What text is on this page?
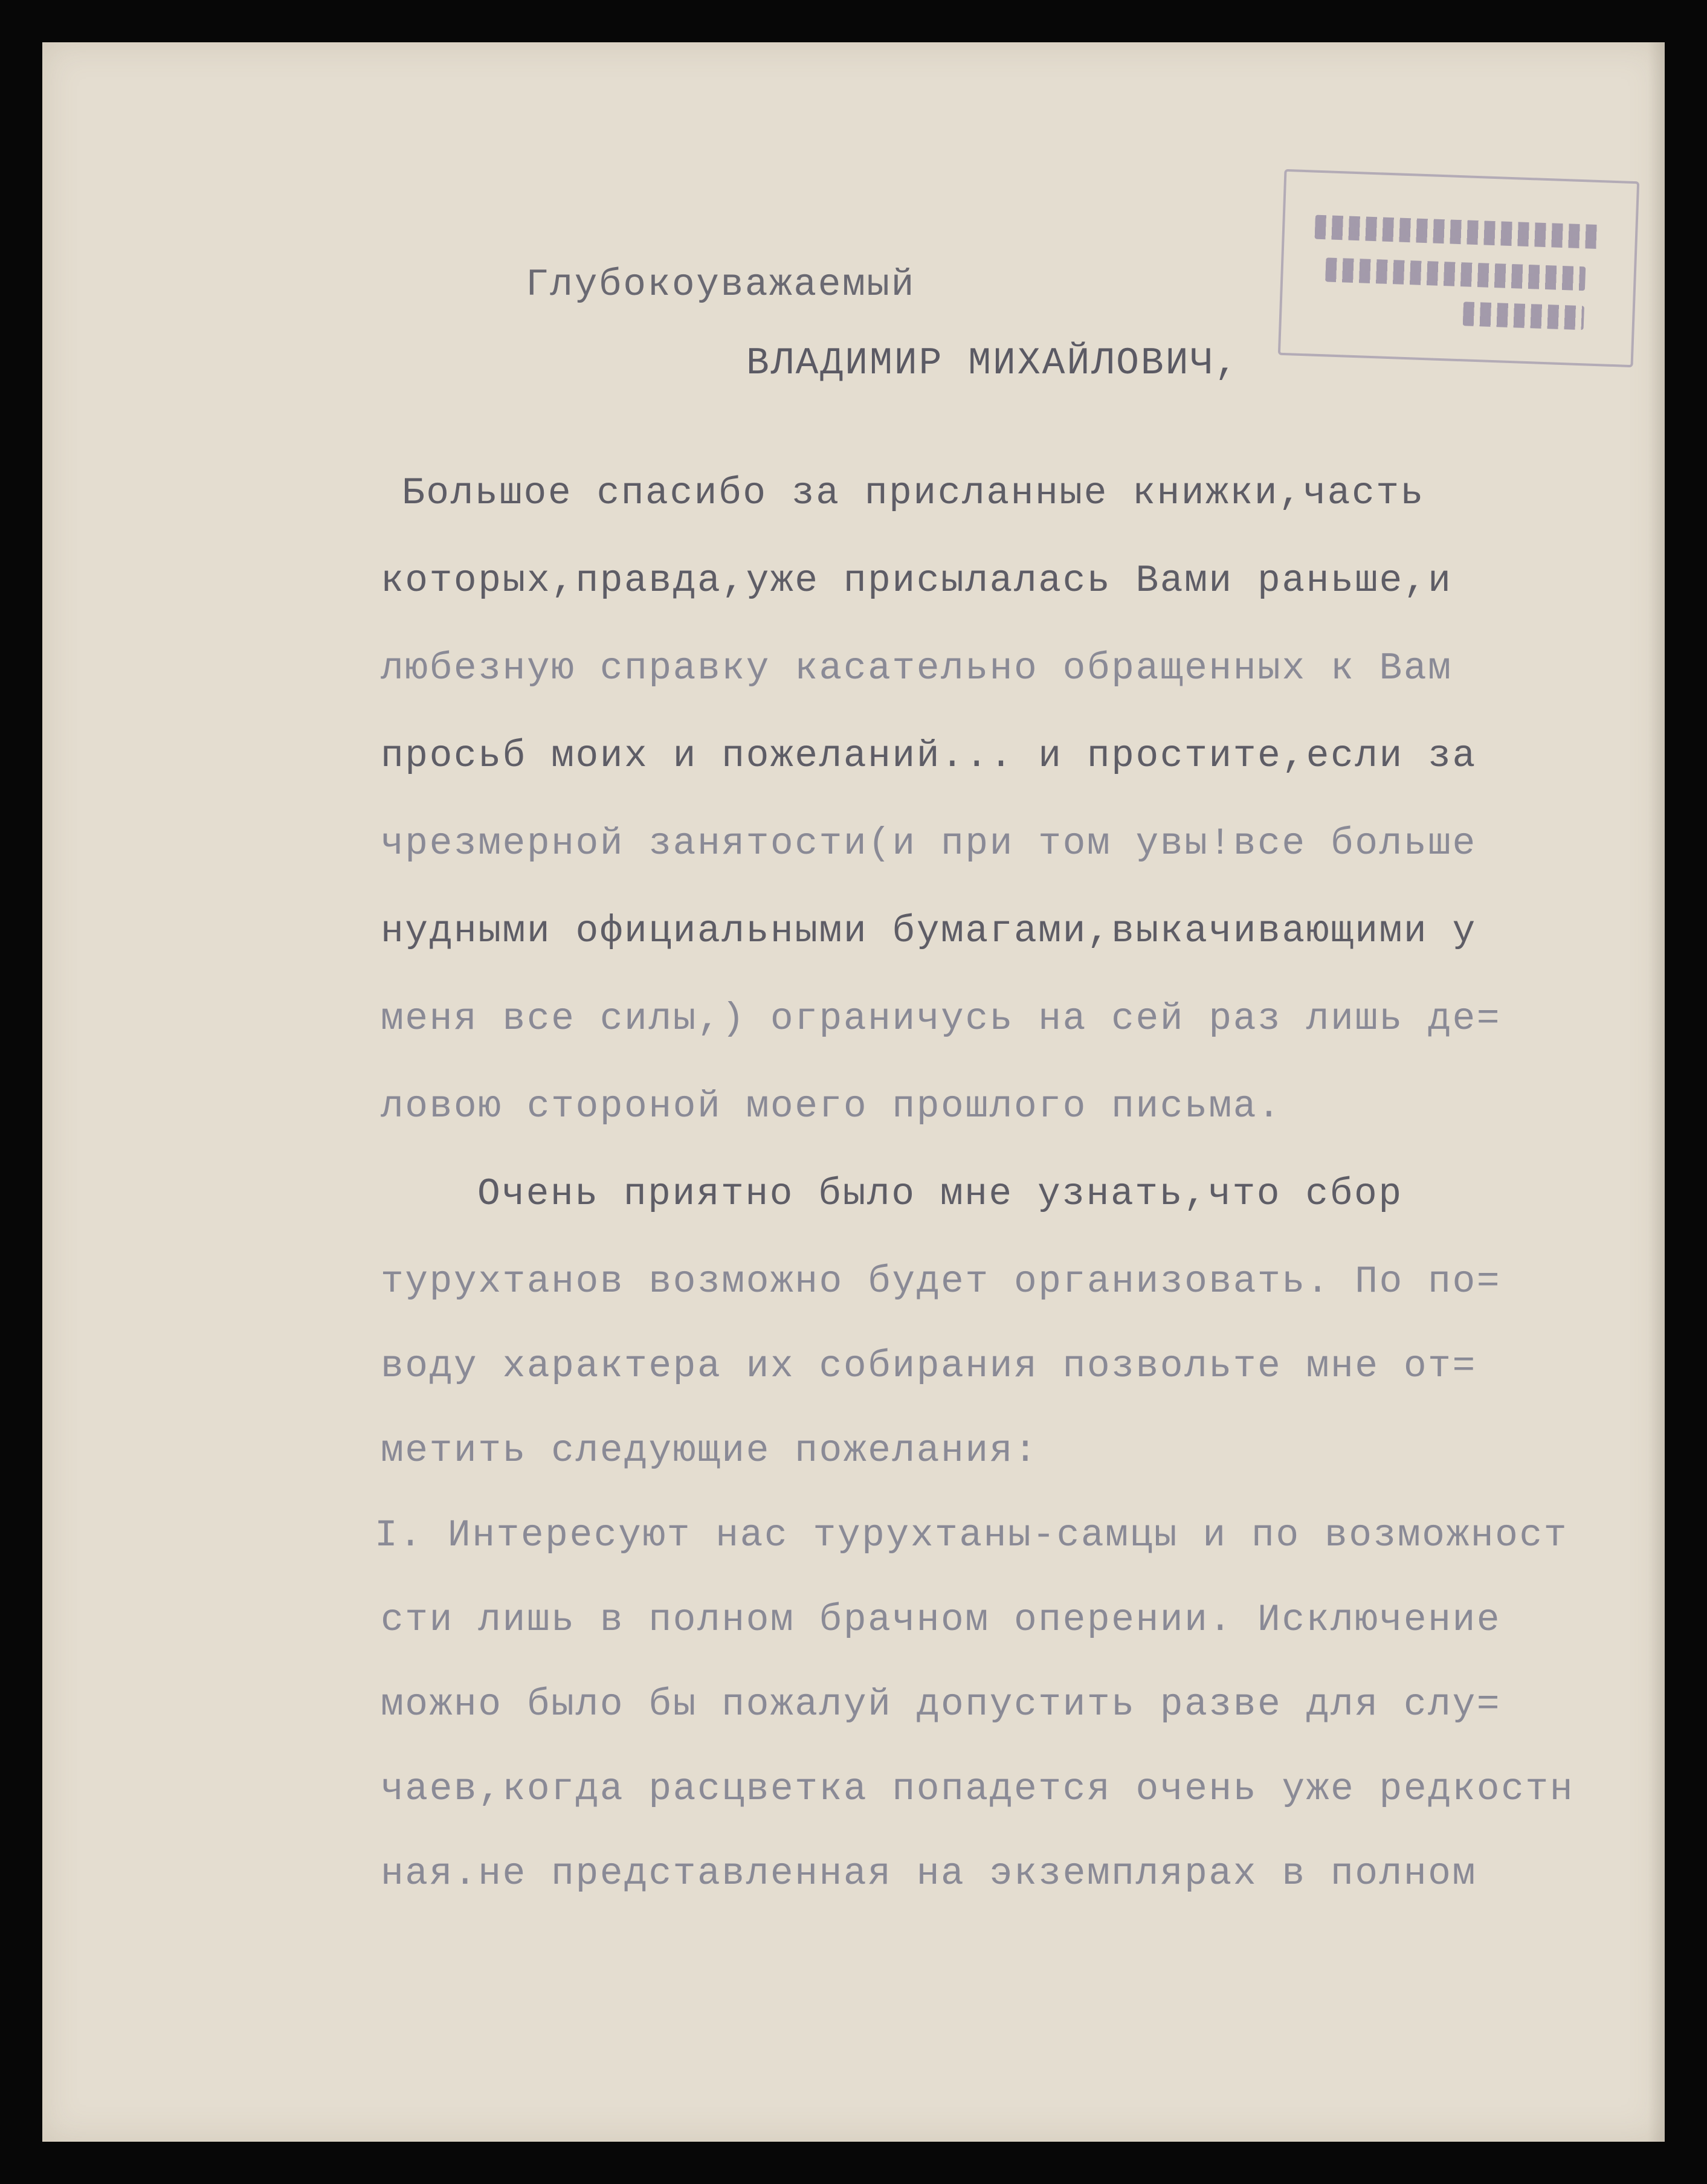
Глубокоуважаемый

ВЛАДИМИР МИХАЙЛОВИЧ,

Большое спасибо за присланные книжки,часть

которых,правда,уже присылалась Вами раньше,и

любезную справку касательно обращенных к Вам

просьб моих и пожеланий... и простите,если за

чрезмерной занятости(и при том увы!все больше

нудными официальными бумагами,выкачивающими у

меня все силы,) ограничусь на сей раз лишь де=

ловою стороной моего прошлого письма.

Очень приятно было мне узнать,что сбор

турухтанов возможно будет организовать. По по=

воду характера их собирания позвольте мне от=

метить следующие пожелания:

I. Интересуют нас турухтаны-самцы и по возможност

сти лишь в полном брачном оперении. Исключение

можно было бы пожалуй допустить разве для слу=

чаев,когда расцветка попадется очень уже редкостн

ная.не представленная на экземплярах в полном
